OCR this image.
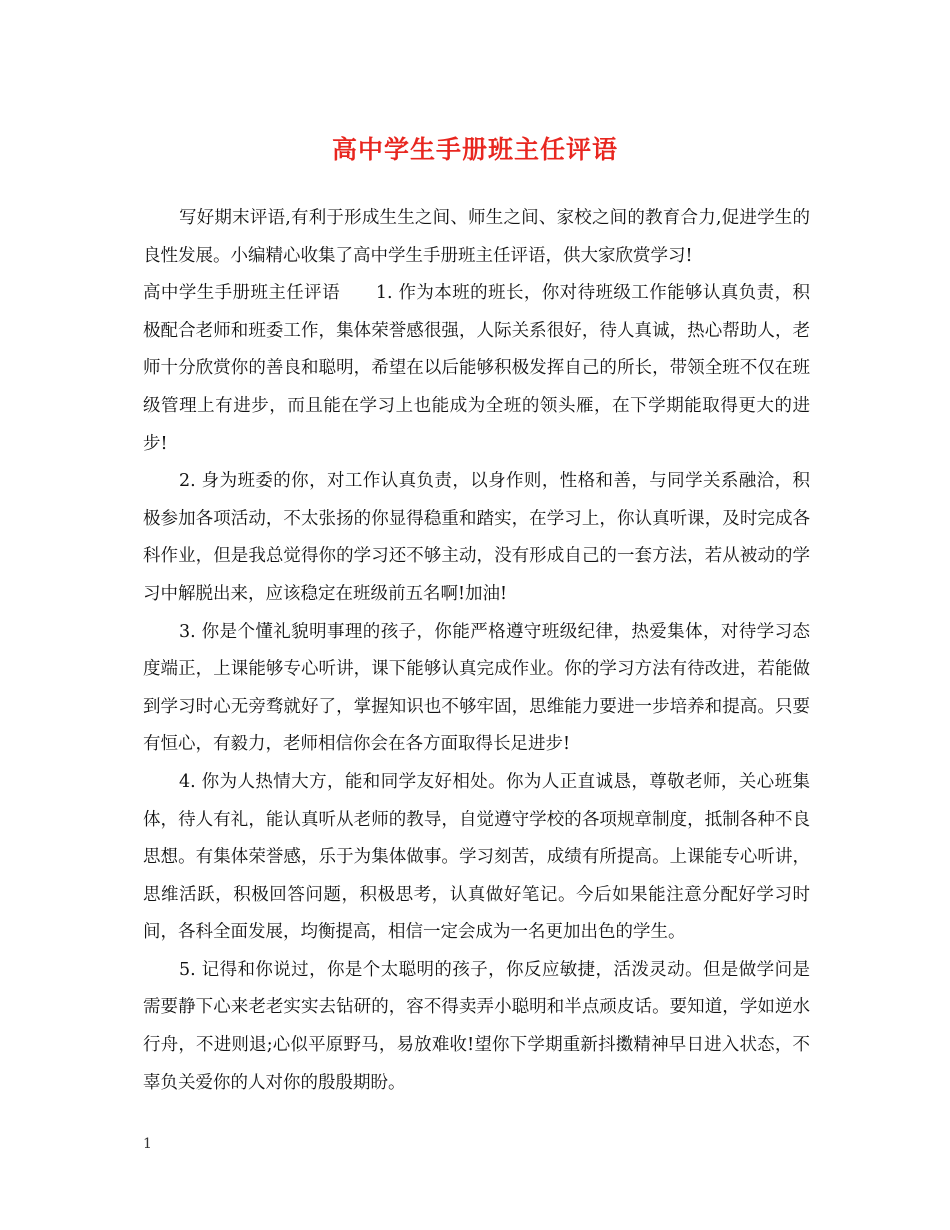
高中学生手册班主任评语

写好期末评语,有利于形成生生之间、师生之间、家校之间的教育合力,促进学生的良性发展。小编精心收集了高中学生手册班主任评语，供大家欣赏学习!

高中学生手册班主任评语　　1. 作为本班的班长，你对待班级工作能够认真负责，积极配合老师和班委工作，集体荣誉感很强，人际关系很好，待人真诚，热心帮助人，老师十分欣赏你的善良和聪明，希望在以后能够积极发挥自己的所长，带领全班不仅在班级管理上有进步，而且能在学习上也能成为全班的领头雁，在下学期能取得更大的进步!

2. 身为班委的你，对工作认真负责，以身作则，性格和善，与同学关系融洽，积极参加各项活动，不太张扬的你显得稳重和踏实，在学习上，你认真听课，及时完成各科作业，但是我总觉得你的学习还不够主动，没有形成自己的一套方法，若从被动的学习中解脱出来，应该稳定在班级前五名啊!加油!

3. 你是个懂礼貌明事理的孩子，你能严格遵守班级纪律，热爱集体，对待学习态度端正，上课能够专心听讲，课下能够认真完成作业。你的学习方法有待改进，若能做到学习时心无旁骛就好了，掌握知识也不够牢固，思维能力要进一步培养和提高。只要有恒心，有毅力，老师相信你会在各方面取得长足进步!

4. 你为人热情大方，能和同学友好相处。你为人正直诚恳，尊敬老师，关心班集体，待人有礼，能认真听从老师的教导，自觉遵守学校的各项规章制度，抵制各种不良思想。有集体荣誉感，乐于为集体做事。学习刻苦，成绩有所提高。上课能专心听讲，思维活跃，积极回答问题，积极思考，认真做好笔记。今后如果能注意分配好学习时间，各科全面发展，均衡提高，相信一定会成为一名更加出色的学生。

5. 记得和你说过，你是个太聪明的孩子，你反应敏捷，活泼灵动。但是做学问是需要静下心来老老实实去钻研的，容不得卖弄小聪明和半点顽皮话。要知道，学如逆水行舟，不进则退;心似平原野马，易放难收!望你下学期重新抖擞精神早日进入状态，不辜负关爱你的人对你的殷殷期盼。

1
